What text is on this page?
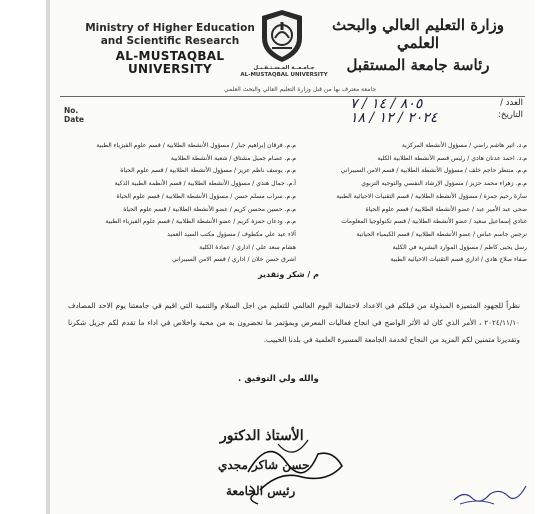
Ministry of Higher Education
and Scientific Research
AL-MUSTAQBAL UNIVERSITY	جـامـعــة المـسـتـقـبـل
AL-MUSTAQBAL UNIVERSITY
وزارة التعليم العالي والبحث العلمي
رئاسة جامعة المستقبل
جامعة معترف بها من قبل وزارة التعليم العالي والبحث العلمي
No.
Date
٨٠٥ / ١٤ / ٧
٢٠٢٤ / ١٢ / ١٨
العدد /
التاريخ:
م.د. اثير هاشم راضي / مسؤول الأنشطة المركزية
م.د. احمد عدنان هادي / رئيس قسم الأنشطة الطلابية الكلية
م.م. منتظر حاجم خلف / مسؤول الأنشطة الطلابية / قسم الامن السيبراني
م.م. زهراء محمد حزيز / مسؤول الإرشاد النفسي والتوجيه التربوي
سارة رحيم حمزة / مسؤول الأنشطة الطلابية / قسم التقنيات الاحيائية الطبية
ضحى عبد الأمير عبد / عضو الأنشطة الطلابية / قسم علوم الحياة
غنادي إسماعيل سعيد / عضو الأنشطة الطلابية / قسم تكنولوجيا المعلومات
نرجس جاسم عباس / عضو الأنشطة الطلابية / قسم الكيمياء الحياتية
رسل يحيى كاظم / مسؤول الموارد البشرية في الكلية
صفاء صلاح هادي / اداري قسم التقنيات الاحيائية الطبية
م.م. فرقان إبراهيم جبار / مسؤول الأنشطة الطلابية / قسم علوم الفيزياء الطبية
م.م. عصام جميل مشتاق / شعبة الأنشطة الطلابية
م.م. يوسف ناظم عزيز / مسؤول الأنشطة الطلابية / قسم علوم الحياة
أ.م. جمال هندي / مسؤول الأنشطة الطلابية / قسم الأنظمة الطبية الذكية
م.م. سراب مسلم حسن / مسؤول الأنشطة الطلابية / قسم علوم الحياة
م.م. حسين محسن كريم / عضو الأنشطة الطلابية / قسم علوم الحياة
م.م. ودعان حمزة كريم / عضو الأنشطة الطلابية / قسم علوم الفيزياء الطبية
آلاء عبد علي مكطوف / مسؤول مكتب السيد العميد
هشام سعد علي / اداري / عمادة الكلية
اشرق حسن خلان / اداري / قسم الامن السيبراني
م / شكر وتقدير
نظراً للجهود المتميزة المبذولة من قبلكم في الاعداد لاحتفالية اليوم العالمي للتعليم من اجل السلام والتنمية التي اقيم في جامعتنا يوم الاحد المصادف ٢٠٢٤/١١/١٠ ، الأمر الذي كان له الأثر الواضح في انجاح فعاليات المعرض وبمؤتمر ما تحضرون به من محبة واخلاص في اداء ما تقدم لكم جزيل شكرنا وتقديرنا متمنين لكم المزيد من النجاح لخدمة الجامعة المسيرة العلمية في بلدنا الحبيب.
والله ولي التوفيق .
الأستاذ الدكتور
حسن شاكر مجدي
رئيس الجامعة
